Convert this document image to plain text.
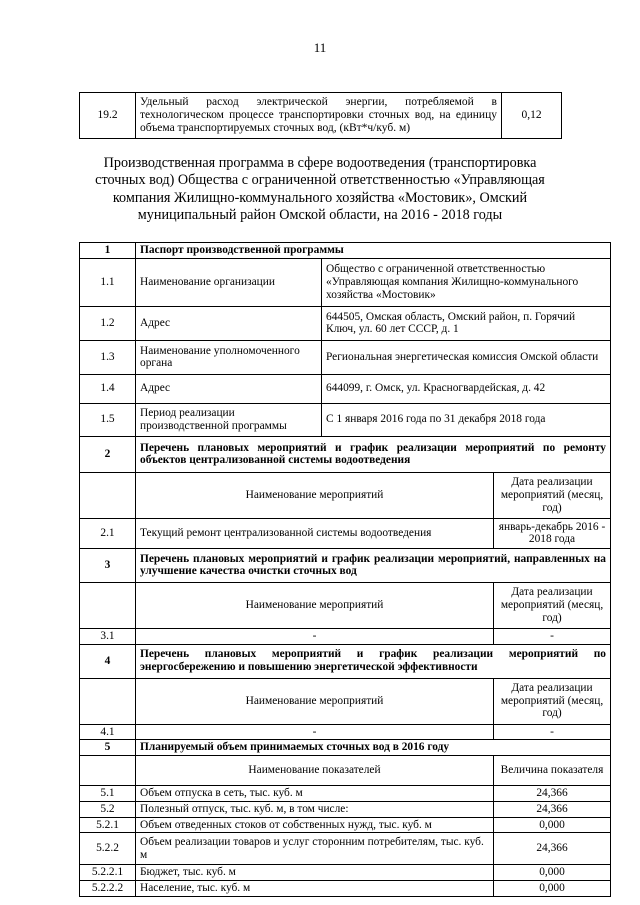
11
19.2	Удельный расход электрической энергии, потребляемой в технологическом процессе транспортировки сточных вод, на единицу объема транспортируемых сточных вод, (кВт*ч/куб. м)	0,12
Производственная программа в сфере водоотведения (транспортировка сточных вод) Общества с ограниченной ответственностью «Управляющая компания Жилищно-коммунального хозяйства «Мостовик», Омский муниципальный район Омской области, на 2016 - 2018 годы
1	Паспорт производственной программы		
1.1	Наименование организации	Общество с ограниченной ответственностью «Управляющая компания Жилищно-коммунального хозяйства «Мостовик»	
1.2	Адрес	644505, Омская область, Омский район, п. Горячий Ключ, ул. 60 лет СССР, д. 1	
1.3	Наименование уполномоченного органа	Региональная энергетическая комиссия Омской области	
1.4	Адрес	644099, г. Омск, ул. Красногвардейская, д. 42	
1.5	Период реализации производственной программы	С 1 января 2016 года по 31 декабря 2018 года	
2	Перечень плановых мероприятий и график реализации мероприятий по ремонту объектов централизованной системы водоотведения		
	Наименование мероприятий		Дата реализации мероприятий (месяц, год)
2.1	Текущий ремонт централизованной системы водоотведения		январь-декабрь 2016 - 2018 года
3	Перечень плановых мероприятий и график реализации мероприятий, направленных на улучшение качества очистки сточных вод		
	Наименование мероприятий		Дата реализации мероприятий (месяц, год)
3.1	-		-
4	Перечень плановых мероприятий и график реализации мероприятий по энергосбережению и повышению энергетической эффективности		
	Наименование мероприятий		Дата реализации мероприятий (месяц, год)
4.1	-		-
5	Планируемый объем принимаемых сточных вод в 2016 году		
	Наименование показателей		Величина показателя
5.1	Объем отпуска в сеть, тыс. куб. м		24,366
5.2	Полезный отпуск, тыс. куб. м, в том числе:		24,366
5.2.1	Объем отведенных стоков от собственных нужд, тыс. куб. м		0,000
5.2.2	Объем реализации товаров и услуг сторонним потребителям, тыс. куб. м		24,366
5.2.2.1	Бюджет, тыс. куб. м		0,000
5.2.2.2	Население, тыс. куб. м		0,000
